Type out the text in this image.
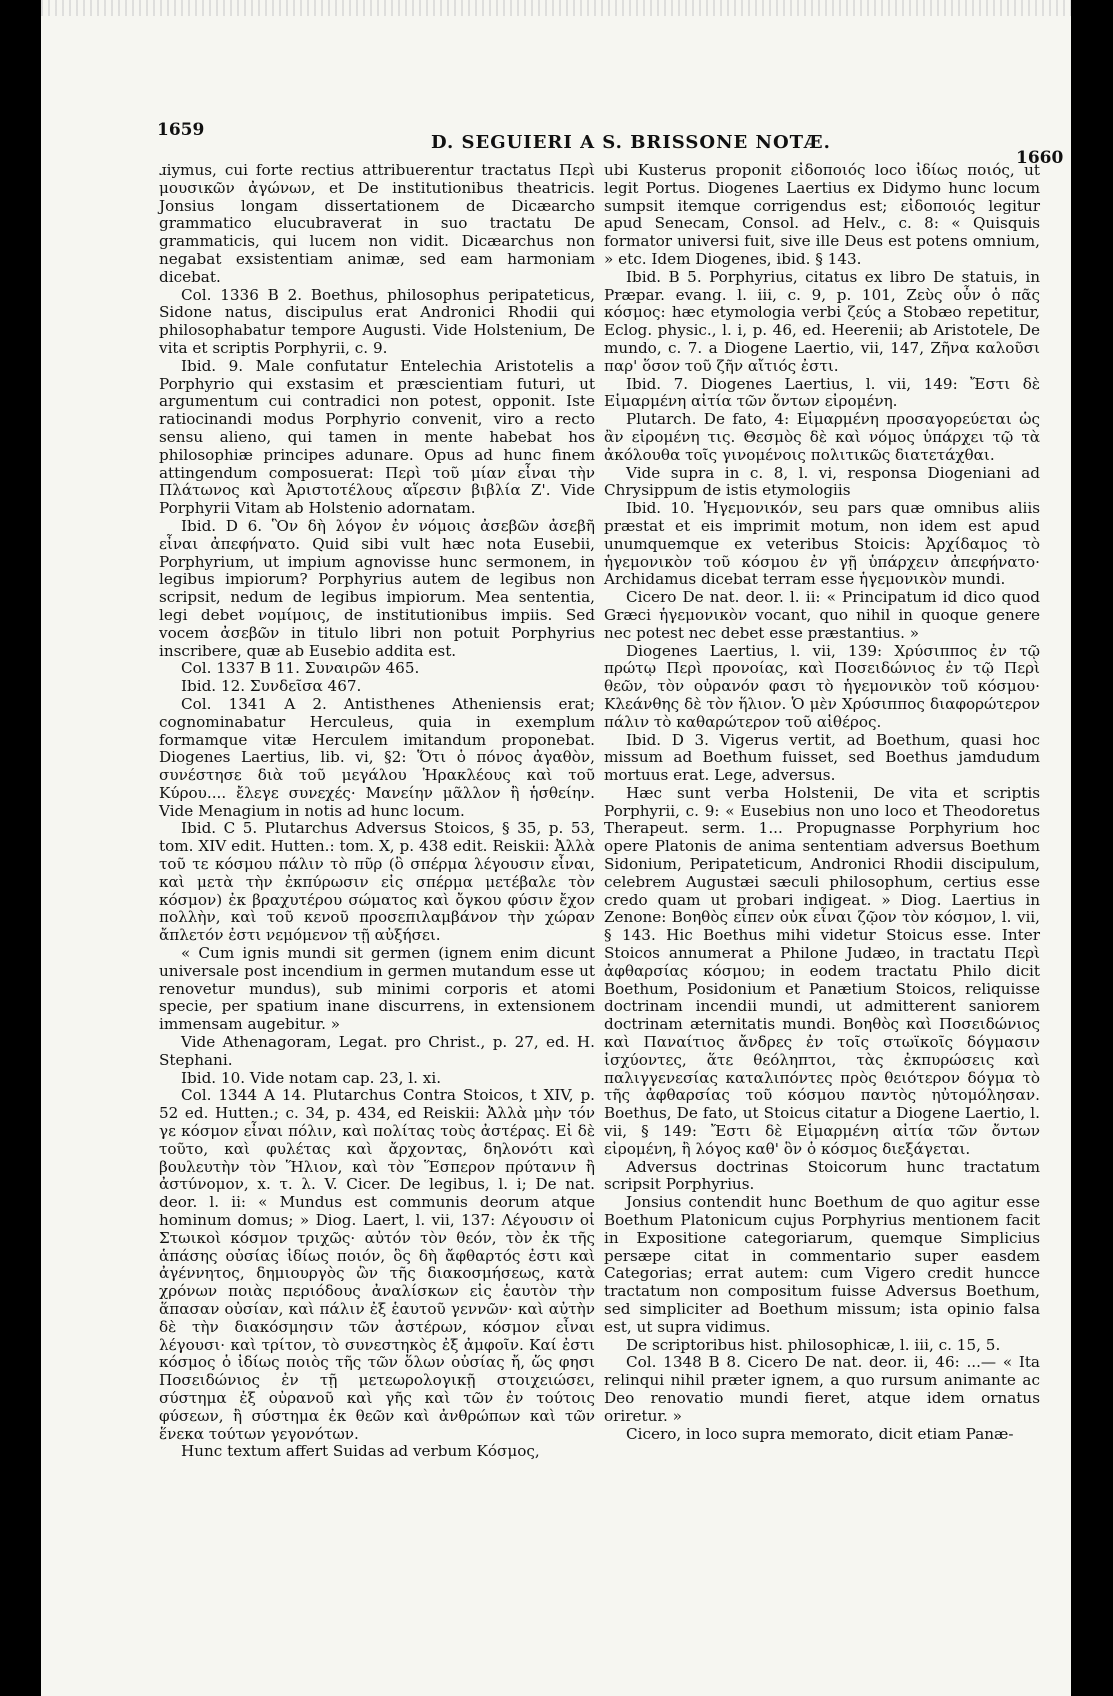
1659
D. SEGUIERI A S. BRISSONE NOTÆ.
1660

ɹiymus, cui forte rectius attribuerentur tractatus Περὶ μουσικῶν ἀγώνων, et De institutionibus theatricis. Jonsius longam dissertationem de Dicæarcho grammatico elucubraverat in suo tractatu De grammaticis, qui lucem non vidit. Dicæarchus non negabat exsistentiam animæ, sed eam harmoniam dicebat.

Col. 1336 B 2. Boethus, philosophus peripateticus, Sidone natus, discipulus erat Andronici Rhodii qui philosophabatur tempore Augusti. Vide Holstenium, De vita et scriptis Porphyrii, c. 9.

Ibid. 9. Male confutatur Entelechia Aristotelis a Porphyrio qui exstasim et præscientiam futuri, ut argumentum cui contradici non potest, opponit. Iste ratiocinandi modus Porphyrio convenit, viro a recto sensu alieno, qui tamen in mente habebat hos philosophiæ principes adunare. Opus ad hunc finem attingendum composuerat: Περὶ τοῦ μίαν εἶναι τὴν Πλάτωνος καὶ Ἀριστοτέλους αἵρεσιν βιβλία Ζ'. Vide Porphyrii Vitam ab Holstenio adornatam.

Ibid. D 6. Ὃν δὴ λόγον ἐν νόμοις ἀσεβῶν ἀσεβῆ εἶναι ἀπεφήνατο. Quid sibi vult hæc nota Eusebii, Porphyrium, ut impium agnovisse hunc sermonem, in legibus impiorum? Porphyrius autem de legibus non scripsit, nedum de legibus impiorum. Mea sententia, legi debet νομίμοις, de institutionibus impiis. Sed vocem ἀσεβῶν in titulo libri non potuit Porphyrius inscribere, quæ ab Eusebio addita est.

Col. 1337 B 11. Συναιρῶν 465.

Ibid. 12. Συνδεῖσα 467.

Col. 1341 A 2. Antisthenes Atheniensis erat; cognominabatur Herculeus, quia in exemplum formamque vitæ Herculem imitandum proponebat. Diogenes Laertius, lib. vi, §2: Ὅτι ὁ πόνος ἀγαθὸν, συνέστησε διὰ τοῦ μεγάλου Ἡρακλέους καὶ τοῦ Κύρου.... ἔλεγε συνεχές· Μανείην μᾶλλον ἢ ἡσθείην. Vide Menagium in notis ad hunc locum.

Ibid. C 5. Plutarchus Adversus Stoicos, § 35, p. 53, tom. XIV edit. Hutten.: tom. X, p. 438 edit. Reiskii: Ἀλλὰ τοῦ τε κόσμου πάλιν τὸ πῦρ (ὃ σπέρμα λέγουσιν εἶναι, καὶ μετὰ τὴν ἐκπύρωσιν εἰς σπέρμα μετέβαλε τὸν κόσμον) ἐκ βραχυτέρου σώματος καὶ ὄγκου φύσιν ἔχον πολλὴν, καὶ τοῦ κενοῦ προσεπιλαμβάνον τὴν χώραν ἄπλετόν ἐστι νεμόμενον τῇ αὐξήσει.

« Cum ignis mundi sit germen (ignem enim dicunt universale post incendium in germen mutandum esse ut renovetur mundus), sub minimi corporis et atomi specie, per spatium inane discurrens, in extensionem immensam augebitur. »

Vide Athenagoram, Legat. pro Christ., p. 27, ed. H. Stephani.

Ibid. 10. Vide notam cap. 23, l. xi.

Col. 1344 A 14. Plutarchus Contra Stoicos, t XIV, p. 52 ed. Hutten.; c. 34, p. 434, ed Reiskii: Ἀλλὰ μὴν τόν γε κόσμον εἶναι πόλιν, καὶ πολίτας τοὺς ἀστέρας. Εἰ δὲ τοῦτο, καὶ φυλέτας καὶ ἄρχοντας, δηλονότι καὶ βουλευτὴν τὸν Ἥλιον, καὶ τὸν Ἕσπερον πρύτανιν ἢ ἀστύνομον, x. τ. λ. V. Cicer. De legibus, l. i; De nat. deor. l. ii: « Mundus est communis deorum atque hominum domus; » Diog. Laert, l. vii, 137: Λέγουσιν οἱ Στωικοὶ κόσμον τριχῶς· αὐτόν τὸν θεόν, τὸν ἐκ τῆς ἁπάσης οὐσίας ἰδίως ποιόν, ὃς δὴ ἄφθαρτός ἐστι καὶ ἀγέννητος, δημιουργὸς ὢν τῆς διακοσμήσεως, κατὰ χρόνων ποιὰς περιόδους ἀναλίσκων εἰς ἑαυτὸν τὴν ἅπασαν οὐσίαν, καὶ πάλιν ἐξ ἑαυτοῦ γεννῶν· καὶ αὐτὴν δὲ τὴν διακόσμησιν τῶν ἀστέρων, κόσμον εἶναι λέγουσι· καὶ τρίτον, τὸ συνεστηκὸς ἐξ ἀμφοῖν. Καί ἐστι κόσμος ὁ ἰδίως ποιὸς τῆς τῶν ὅλων οὐσίας ἤ, ὥς φησι Ποσειδώνιος ἐν τῇ μετεωρολογικῇ στοιχειώσει, σύστημα ἐξ οὐρανοῦ καὶ γῆς καὶ τῶν ἐν τούτοις φύσεων, ἢ σύστημα ἐκ θεῶν καὶ ἀνθρώπων καὶ τῶν ἕνεκα τούτων γεγονότων.

Hunc textum affert Suidas ad verbum Κόσμος,

ubi Kusterus proponit εἰδοποιός loco ἰδίως ποιός, ut legit Portus. Diogenes Laertius ex Didymo hunc locum sumpsit itemque corrigendus est; εἰδοποιός legitur apud Senecam, Consol. ad Helv., c. 8: « Quisquis formator universi fuit, sive ille Deus est potens omnium, » etc. Idem Diogenes, ibid. § 143.

Ibid. B 5. Porphyrius, citatus ex libro De statuis, in Præpar. evang. l. iii, c. 9, p. 101, Ζεὺς οὖν ὁ πᾶς κόσμος: hæc etymologia verbi ζεύς a Stobæo repetitur, Eclog. physic., l. i, p. 46, ed. Heerenii; ab Aristotele, De mundo, c. 7. a Diogene Laertio, vii, 147, Ζῆνα καλοῦσι παρ' ὅσον τοῦ ζῆν αἴτιός ἐστι.

Ibid. 7. Diogenes Laertius, l. vii, 149: Ἔστι δὲ Εἱμαρμένη αἰτία τῶν ὄντων εἰρομένη.

Plutarch. De fato, 4: Εἱμαρμένη προσαγορεύεται ὡς ἂν εἰρομένη τις. Θεσμὸς δὲ καὶ νόμος ὑπάρχει τῷ τὰ ἀκόλουθα τοῖς γινομένοις πολιτικῶς διατετάχθαι.

Vide supra in c. 8, l. vi, responsa Diogeniani ad Chrysippum de istis etymologiis

Ibid. 10. Ἡγεμονικόν, seu pars quæ omnibus aliis præstat et eis imprimit motum, non idem est apud unumquemque ex veteribus Stoicis: Ἀρχίδαμος τὸ ἡγεμονικὸν τοῦ κόσμου ἐν γῇ ὑπάρχειν ἀπεφήνατο· Archidamus dicebat terram esse ἡγεμονικὸν mundi.

Cicero De nat. deor. l. ii: « Principatum id dico quod Græci ἡγεμονικὸν vocant, quo nihil in quoque genere nec potest nec debet esse præstantius. »

Diogenes Laertius, l. vii, 139: Χρύσιππος ἐν τῷ πρώτῳ Περὶ προνοίας, καὶ Ποσειδώνιος ἐν τῷ Περὶ θεῶν, τὸν οὐρανόν φασι τὸ ἡγεμονικὸν τοῦ κόσμου· Κλεάνθης δὲ τὸν ἥλιον. Ὁ μὲν Χρύσιππος διαφορώτερον πάλιν τὸ καθαρώτερον τοῦ αἰθέρος.

Ibid. D 3. Vigerus vertit, ad Boethum, quasi hoc missum ad Boethum fuisset, sed Boethus jamdudum mortuus erat. Lege, adversus.

Hæc sunt verba Holstenii, De vita et scriptis Porphyrii, c. 9: « Eusebius non uno loco et Theodoretus Therapeut. serm. 1... Propugnasse Porphyrium hoc opere Platonis de anima sententiam adversus Boethum Sidonium, Peripateticum, Andronici Rhodii discipulum, celebrem Augustæi sæculi philosophum, certius esse credo quam ut probari indigeat. » Diog. Laertius in Zenone: Βοηθὸς εἶπεν οὐκ εἶναι ζῷον τὸν κόσμον, l. vii, § 143. Hic Boethus mihi videtur Stoicus esse. Inter Stoicos annumerat a Philone Judæo, in tractatu Περὶ ἀφθαρσίας κόσμου; in eodem tractatu Philo dicit Boethum, Posidonium et Panætium Stoicos, reliquisse doctrinam incendii mundi, ut admitterent saniorem doctrinam æternitatis mundi. Βοηθὸς καὶ Ποσειδώνιος καὶ Παναίτιος ἄνδρες ἐν τοῖς στωϊκοῖς δόγμασιν ἰσχύοντες, ἅτε θεόληπτοι, τὰς ἐκπυρώσεις καὶ παλιγγενεσίας καταλιπόντες πρὸς θειότερον δόγμα τὸ τῆς ἀφθαρσίας τοῦ κόσμου παντὸς ηὐτομόλησαν. Boethus, De fato, ut Stoicus citatur a Diogene Laertio, l. vii, § 149: Ἔστι δὲ Εἱμαρμένη αἰτία τῶν ὄντων εἰρομένη, ἢ λόγος καθ' ὃν ὁ κόσμος διεξάγεται.

Adversus doctrinas Stoicorum hunc tractatum scripsit Porphyrius.

Jonsius contendit hunc Boethum de quo agitur esse Boethum Platonicum cujus Porphyrius mentionem facit in Expositione categoriarum, quemque Simplicius persæpe citat in commentario super easdem Categorias; errat autem: cum Vigero credit huncce tractatum non compositum fuisse Adversus Boethum, sed simpliciter ad Boethum missum; ista opinio falsa est, ut supra vidimus.

De scriptoribus hist. philosophicæ, l. iii, c. 15, 5.

Col. 1348 B 8. Cicero De nat. deor. ii, 46: ...— « Ita relinqui nihil præter ignem, a quo rursum animante ac Deo renovatio mundi fieret, atque idem ornatus oriretur. »

Cicero, in loco supra memorato, dicit etiam Panæ-
